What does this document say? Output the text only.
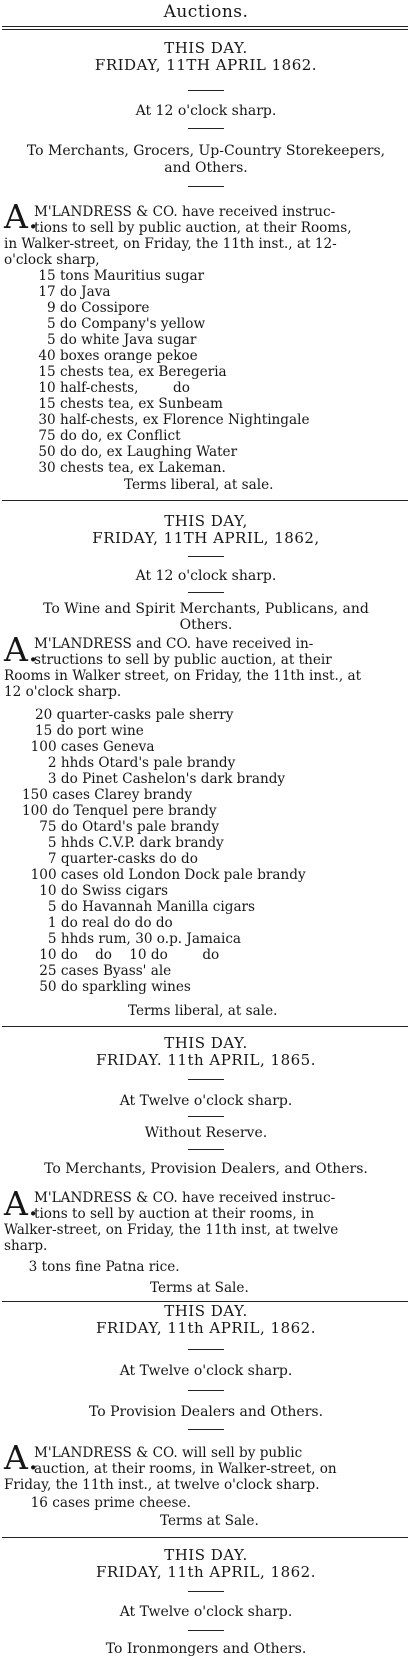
Auctions.
THIS DAY.
FRIDAY, 11TH APRIL 1862.
At 12 o'clock sharp.
To Merchants, Grocers, Up-Country Storekeepers,
and Others.
A.
M'LANDRESS & CO. have received instruc-
tions to sell by public auction, at their Rooms,
in Walker-street, on Friday, the 11th inst., at 12-
o'clock sharp,
15 tons Mauritius sugar
17 do Java
9 do Cossipore
5 do Company's yellow
5 do white Java sugar
40 boxes orange pekoe
15 chests tea, ex Beregeria
10 half-chests,        do
15 chests tea, ex Sunbeam
30 half-chests, ex Florence Nightingale
75 do do, ex Conflict
50 do do, ex Laughing Water
30 chests tea, ex Lakeman.
Terms liberal, at sale.
THIS DAY,
FRIDAY, 11TH APRIL, 1862,
At 12 o'clock sharp.
To Wine and Spirit Merchants, Publicans, and
Others.
A.
M'LANDRESS and CO. have received in-
structions to sell by public auction, at their
Rooms in Walker street, on Friday, the 11th inst., at
12 o'clock sharp.
20 quarter-casks pale sherry
15 do port wine
100 cases Geneva
2 hhds Otard's pale brandy
3 do Pinet Cashelon's dark brandy
150 cases Clarey brandy
100 do Tenquel pere brandy
75 do Otard's pale brandy
5 hhds C.V.P. dark brandy
7 quarter-casks do do
100 cases old London Dock pale brandy
10 do Swiss cigars
5 do Havannah Manilla cigars
1 do real do do do
5 hhds rum, 30 o.p. Jamaica
10 do    do    10 do        do
25 cases Byass' ale
50 do sparkling wines
Terms liberal, at sale.
THIS DAY.
FRIDAY. 11th APRIL, 1865.
At Twelve o'clock sharp.
Without Reserve.
To Merchants, Provision Dealers, and Others.
A.
M'LANDRESS & CO. have received instruc-
tions to sell by auction at their rooms, in
Walker-street, on Friday, the 11th inst, at twelve
sharp.
3 tons fine Patna rice.
Terms at Sale.
THIS DAY.
FRIDAY, 11th APRIL, 1862.
At Twelve o'clock sharp.
To Provision Dealers and Others.
A.
M'LANDRESS & CO. will sell by public
auction, at their rooms, in Walker-street, on
Friday, the 11th inst., at twelve o'clock sharp.
16 cases prime cheese.
Terms at Sale.
THIS DAY.
FRIDAY, 11th APRIL, 1862.
At Twelve o'clock sharp.
To Ironmongers and Others.
